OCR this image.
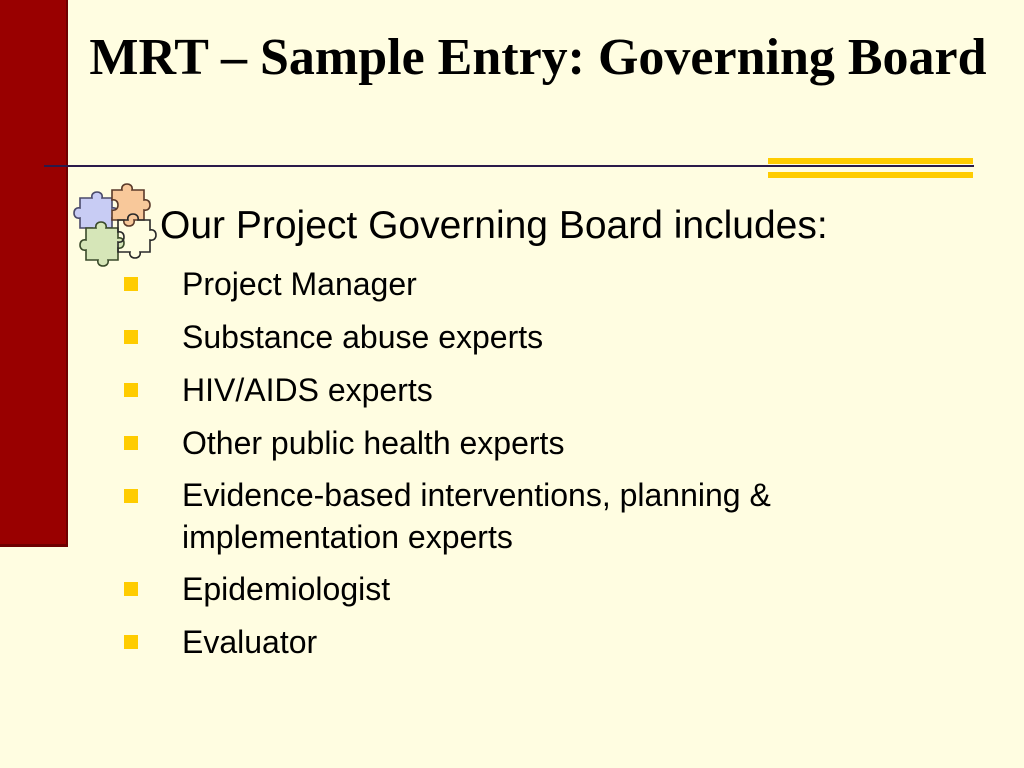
MRT – Sample Entry: Governing Board

Our Project Governing Board includes:

Project Manager
Substance abuse experts
HIV/AIDS experts
Other public health experts
Evidence-based interventions, planning & implementation experts
Epidemiologist
Evaluator
